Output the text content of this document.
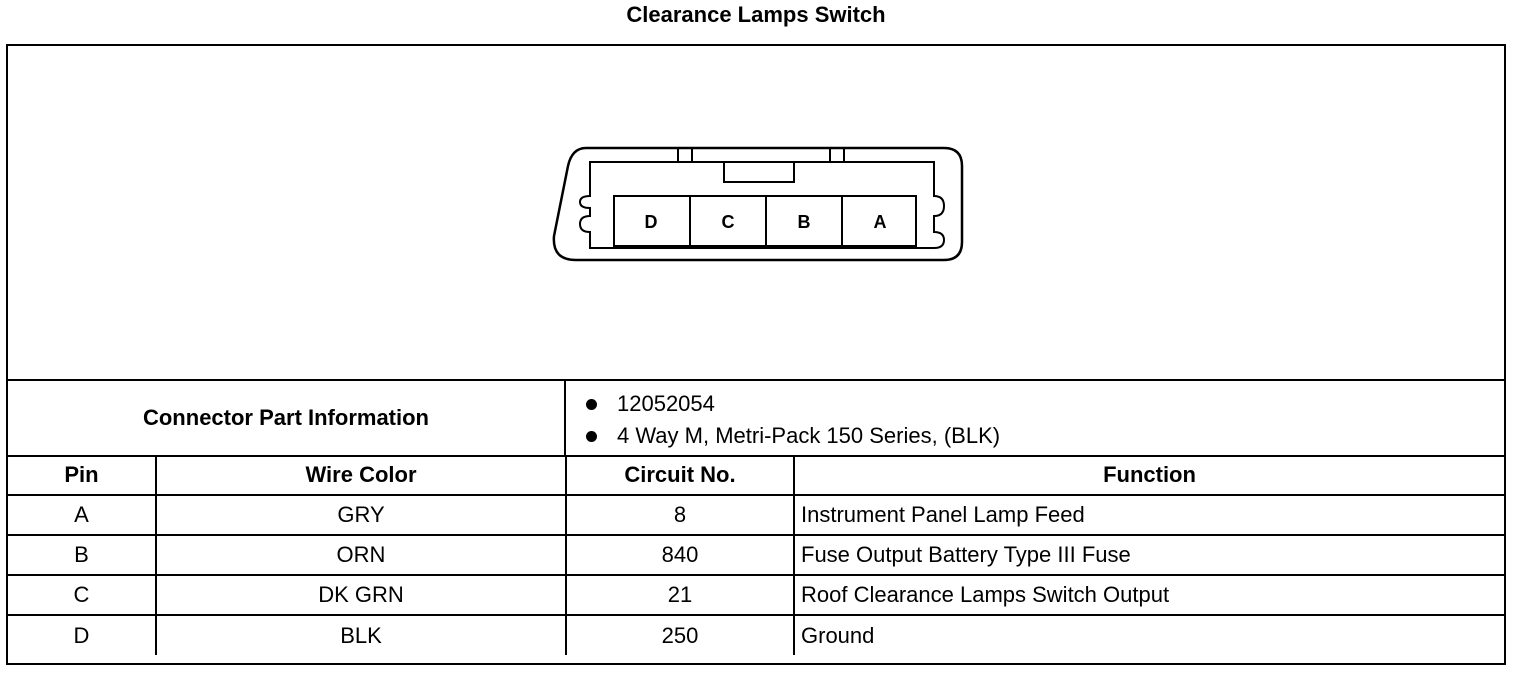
Clearance Lamps Switch
D	C	B	A
Connector Part Information
12052054
4 Way M, Metri-Pack 150 Series, (BLK)
Pin	Wire Color	Circuit No.	Function
A	GRY	8	Instrument Panel Lamp Feed
B	ORN	840	Fuse Output Battery Type III Fuse
C	DK GRN	21	Roof Clearance Lamps Switch Output
D	BLK	250	Ground
